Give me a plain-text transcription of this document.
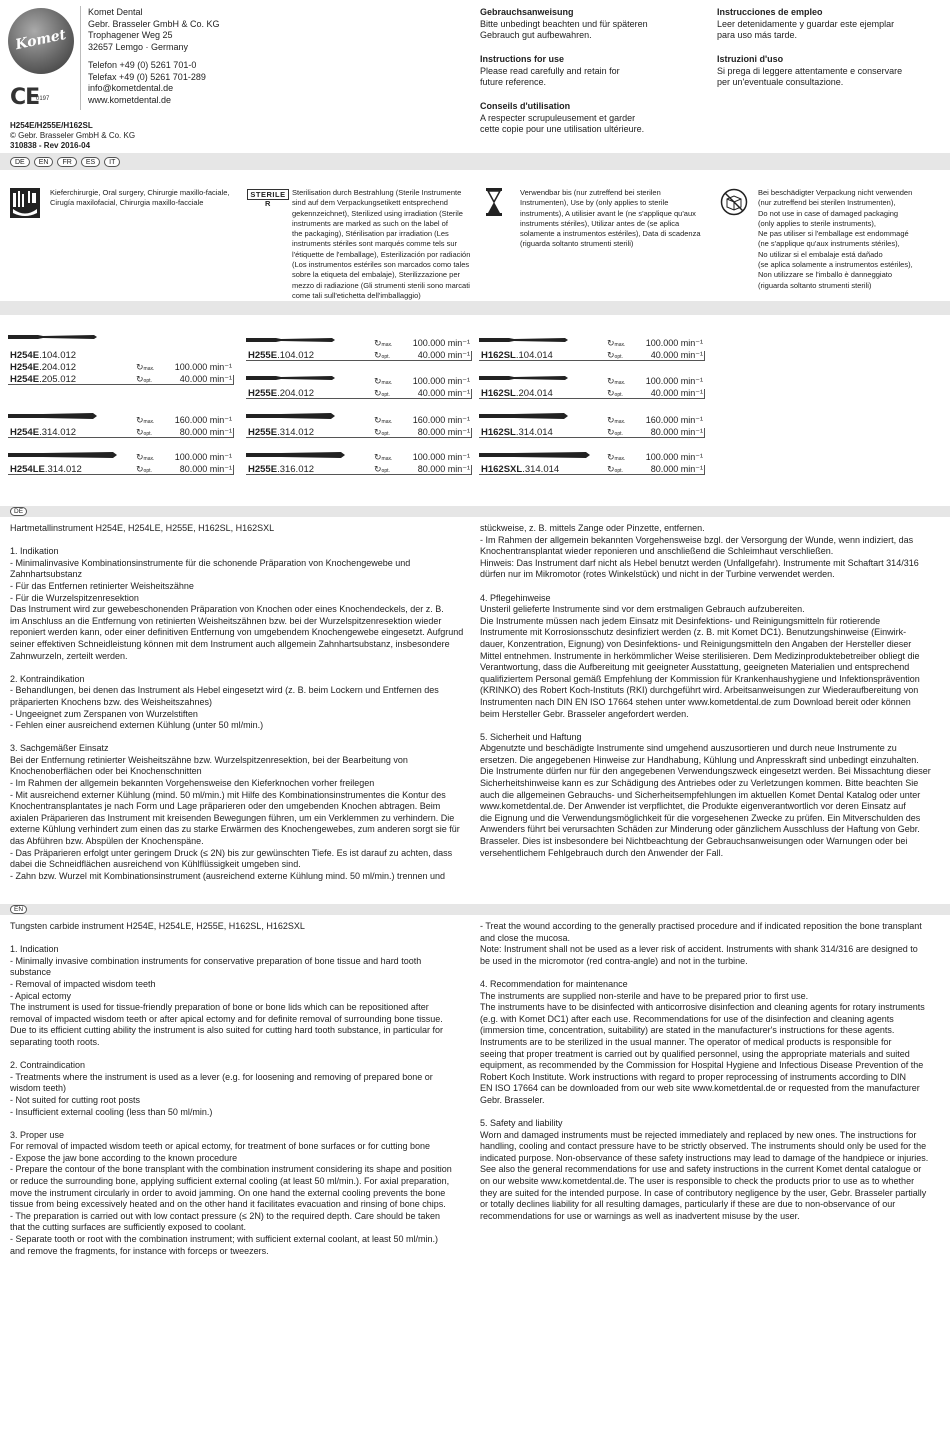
Komet
CE
0197
Komet Dental
Gebr. Brasseler GmbH & Co. KG
Trophagener Weg 25
32657 Lemgo · Germany
Telefon +49 (0) 5261 701-0
Telefax +49 (0) 5261 701-289
info@kometdental.de
www.kometdental.de
H254E/H255E/H162SL
© Gebr. Brasseler GmbH & Co. KG
310838 - Rev 2016-04
Gebrauchsanweisung
Bitte unbedingt beachten und für späteren
Gebrauch gut aufbewahren.
Instructions for use
Please read carefully and retain for
future reference.
Conseils d'utilisation
A respecter scrupuleusement et garder
cette copie pour une utilisation ultérieure.
Instrucciones de empleo
Leer detenidamente y guardar este ejemplar
para uso más tarde.
Istruzioni d'uso
Si prega di leggere attentamente e conservare
per un'eventuale consultazione.
DE	EN	FR	ES	IT
Kieferchirurgie, Oral surgery, Chirurgie maxillo-faciale,
Cirugía maxilofacial, Chirurgia maxillo-facciale
STERILE R
Sterilisation durch Bestrahlung (Sterile Instrumente
sind auf dem Verpackungsetikett entsprechend
gekennzeichnet), Sterilized using irradiation (Sterile
instruments are marked as such on the label of
the packaging), Stérilisation par irradiation (Les
instruments stériles sont marqués comme tels sur
l'étiquette de l'emballage), Esterilización por radiación
(Los instrumentos estériles son marcados como tales
sobre la etiqueta del embalaje), Sterilizzazione per
mezzo di radiazione (Gli strumenti sterili sono marcati
come tali sull'etichetta dell'imballaggio)
Verwendbar bis (nur zutreffend bei sterilen
Instrumenten), Use by (only applies to sterile
instruments), A utilisier avant le (ne s'applique qu'aux
instruments stériles), Utilizar antes de (se aplica
solamente a instrumentos estériles), Data di scadenza
(riguarda soltanto strumenti sterili)
Bei beschädigter Verpackung nicht verwenden
(nur zutreffend bei sterilen Instrumenten),
Do not use in case of damaged packaging
(only applies to sterile instruments),
Ne pas utiliser si l'emballage est endommagé
(ne s'applique qu'aux instruments stériles),
No utilizar si el embalaje está dañado
(se aplica solamente a instrumentos estériles),
Non utilizzare se l'imballo è danneggiato
(riguarda soltanto strumenti sterili)
H254E.104.012
H254E.204.012
H254E.205.012
↻max. 100.000 min⁻¹
↻opt.	40.000 min⁻¹
H254E.314.012
↻max. 160.000 min⁻¹
↻opt.	80.000 min⁻¹
H254LE.314.012
↻max. 100.000 min⁻¹
↻opt.	80.000 min⁻¹
H255E.104.012
↻max. 100.000 min⁻¹
↻opt.	40.000 min⁻¹
H255E.204.012
↻max. 100.000 min⁻¹
↻opt.	40.000 min⁻¹
H255E.314.012
↻max. 160.000 min⁻¹
↻opt.	80.000 min⁻¹
H255E.316.012
↻max. 100.000 min⁻¹
↻opt.	80.000 min⁻¹
H162SL.104.014
↻max. 100.000 min⁻¹
↻opt.	40.000 min⁻¹
H162SL.204.014
↻max. 100.000 min⁻¹
↻opt.	40.000 min⁻¹
H162SL.314.014
↻max. 160.000 min⁻¹
↻opt.	80.000 min⁻¹
H162SXL.314.014
↻max. 100.000 min⁻¹
↻opt.	80.000 min⁻¹
DE
Hartmetallinstrument H254E, H254LE, H255E, H162SL, H162SXL

1. Indikation
- Minimalinvasive Kombinationsinstrumente für die schonende Präparation von Knochengewebe und
Zahnhartsubstanz
- Für das Entfernen retinierter Weisheitszähne
- Für die Wurzelspitzenresektion
Das Instrument wird zur gewebeschonenden Präparation von Knochen oder eines Knochendeckels, der z. B.
im Anschluss an die Entfernung von retinierten Weisheitszähnen bzw. bei der Wurzelspitzenresektion wieder
reponiert werden kann, oder einer definitiven Entfernung von umgebendem Knochengewebe eingesetzt. Aufgrund
seiner effektiven Schneidleistung können mit dem Instrument auch allgemein Zahnhartsubstanz, insbesondere
Zahnwurzeln, zerteilt werden.

2. Kontraindikation
- Behandlungen, bei denen das Instrument als Hebel eingesetzt wird (z. B. beim Lockern und Entfernen des
präparierten Knochens bzw. des Weisheitszahnes)
- Ungeeignet zum Zerspanen von Wurzelstiften
- Fehlen einer ausreichend externen Kühlung (unter 50 ml/min.)

3. Sachgemäßer Einsatz
Bei der Entfernung retinierter Weisheitszähne bzw. Wurzelspitzenresektion, bei der Bearbeitung von
Knochenoberflächen oder bei Knochenschnitten
- Im Rahmen der allgemein bekannten Vorgehensweise den Kieferknochen vorher freilegen
- Mit ausreichend externer Kühlung (mind. 50 ml/min.) mit Hilfe des Kombinationsinstrumentes die Kontur des
Knochentransplantates je nach Form und Lage präparieren oder den umgebenden Knochen abtragen. Beim
axialen Präparieren das Instrument mit kreisenden Bewegungen führen, um ein Verklemmen zu verhindern. Die
externe Kühlung verhindert zum einen das zu starke Erwärmen des Knochengewebes, zum anderen sorgt sie für
das Abführen bzw. Abspülen der Knochenspäne.
- Das Präparieren erfolgt unter geringem Druck (≤ 2N) bis zur gewünschten Tiefe. Es ist darauf zu achten, dass
dabei die Schneidflächen ausreichend von Kühlflüssigkeit umgeben sind.
- Zahn bzw. Wurzel mit Kombinationsinstrument (ausreichend externe Kühlung mind. 50 ml/min.) trennen und
stückweise, z. B. mittels Zange oder Pinzette, entfernen.
- Im Rahmen der allgemein bekannten Vorgehensweise bzgl. der Versorgung der Wunde, wenn indiziert, das
Knochentransplantat wieder reponieren und anschließend die Schleimhaut verschließen.
Hinweis: Das Instrument darf nicht als Hebel benutzt werden (Unfallgefahr). Instrumente mit Schaftart 314/316
dürfen nur im Mikromotor (rotes Winkelstück) und nicht in der Turbine verwendet werden.

4. Pflegehinweise
Unsteril gelieferte Instrumente sind vor dem erstmaligen Gebrauch aufzubereiten.
Die Instrumente müssen nach jedem Einsatz mit Desinfektions- und Reinigungsmitteln für rotierende
Instrumente mit Korrosionsschutz desinfiziert werden (z. B. mit Komet DC1). Benutzungshinweise (Einwirk-
dauer, Konzentration, Eignung) von Desinfektions- und Reinigungsmitteln den Angaben der Hersteller dieser
Mittel entnehmen. Instrumente in herkömmlicher Weise sterilisieren. Dem Medizinproduktebetreiber obliegt die
Verantwortung, dass die Aufbereitung mit geeigneter Ausstattung, geeigneten Materialien und entsprechend
qualifiziertem Personal gemäß Empfehlung der Kommission für Krankenhaushygiene und Infektionsprävention
(KRINKO) des Robert Koch-Instituts (RKI) durchgeführt wird. Arbeitsanweisungen zur Wiederaufbereitung von
Instrumenten nach DIN EN ISO 17664 stehen unter www.kometdental.de zum Download bereit oder können
beim Hersteller Gebr. Brasseler angefordert werden.

5. Sicherheit und Haftung
Abgenutzte und beschädigte Instrumente sind umgehend auszusortieren und durch neue Instrumente zu
ersetzen. Die angegebenen Hinweise zur Handhabung, Kühlung und Anpresskraft sind unbedingt einzuhalten.
Die Instrumente dürfen nur für den angegebenen Verwendungszweck eingesetzt werden. Bei Missachtung dieser
Sicherheitshinweise kann es zur Schädigung des Antriebes oder zu Verletzungen kommen. Bitte beachten Sie
auch die allgemeinen Gebrauchs- und Sicherheitsempfehlungen im aktuellen Komet Dental Katalog oder unter
www.kometdental.de. Der Anwender ist verpflichtet, die Produkte eigenverantwortlich vor deren Einsatz auf
die Eignung und die Verwendungsmöglichkeit für die vorgesehenen Zwecke zu prüfen. Ein Mitverschulden des
Anwenders führt bei verursachten Schäden zur Minderung oder gänzlichem Ausschluss der Haftung von Gebr.
Brasseler. Dies ist insbesondere bei Nichtbeachtung der Gebrauchsanweisungen oder Warnungen oder bei
versehentlichem Fehlgebrauch durch den Anwender der Fall.
EN
Tungsten carbide instrument H254E, H254LE, H255E, H162SL, H162SXL

1. Indication
- Minimally invasive combination instruments for conservative preparation of bone tissue and hard tooth
substance
- Removal of impacted wisdom teeth
- Apical ectomy
The instrument is used for tissue-friendly preparation of bone or bone lids which can be repositioned after
removal of impacted wisdom teeth or after apical ectomy and for definite removal of surrounding bone tissue.
Due to its efficient cutting ability the instrument is also suited for cutting hard tooth substance, in particular for
separating tooth roots.

2. Contraindication
- Treatments where the instrument is used as a lever (e.g. for loosening and removing of prepared bone or
wisdom teeth)
- Not suited for cutting root posts
- Insufficient external cooling (less than 50 ml/min.)

3. Proper use
For removal of impacted wisdom teeth or apical ectomy, for treatment of bone surfaces or for cutting bone
- Expose the jaw bone according to the known procedure
- Prepare the contour of the bone transplant with the combination instrument considering its shape and position
or reduce the surrounding bone, applying sufficient external cooling (at least 50 ml/min.). For axial preparation,
move the instrument circularly in order to avoid jamming. On one hand the external cooling prevents the bone
tissue from being excessively heated and on the other hand it facilitates evacuation and rinsing of bone chips.
- The preparation is carried out with low contact pressure (≤ 2N) to the required depth. Care should be taken
that the cutting surfaces are sufficiently exposed to coolant.
- Separate tooth or root with the combination instrument; with sufficient external coolant, at least 50 ml/min.)
and remove the fragments, for instance with forceps or tweezers.
- Treat the wound according to the generally practised procedure and if indicated reposition the bone transplant
and close the mucosa.
Note: Instrument shall not be used as a lever risk of accident. Instruments with shank 314/316 are designed to
be used in the micromotor (red contra-angle) and not in the turbine.

4. Recommendation for maintenance
The instruments are supplied non-sterile and have to be prepared prior to first use.
The instruments have to be disinfected with anticorrosive disinfection and cleaning agents for rotary instruments
(e.g. with Komet DC1) after each use. Recommendations for use of the disinfection and cleaning agents
(immersion time, concentration, suitability) are stated in the manufacturer's instructions for these agents.
Instruments are to be sterilized in the usual manner. The operator of medical products is responsible for
seeing that proper treatment is carried out by qualified personnel, using the appropriate materials and suited
equipment, as recommended by the Commission for Hospital Hygiene and Infectious Disease Prevention of the
Robert Koch Institute. Work instructions with regard to proper reprocessing of instruments according to DIN
EN ISO 17664 can be downloaded from our web site www.kometdental.de or requested from the manufacturer
Gebr. Brasseler.

5. Safety and liability
Worn and damaged instruments must be rejected immediately and replaced by new ones. The instructions for
handling, cooling and contact pressure have to be strictly observed. The instruments should only be used for the
indicated purpose. Non-observance of these safety instructions may lead to damage of the handpiece or injuries.
See also the general recommendations for use and safety instructions in the current Komet dental catalogue or
on our website www.kometdental.de. The user is responsible to check the products prior to use as to whether
they are suited for the intended purpose. In case of contributory negligence by the user, Gebr. Brasseler partially
or totally declines liability for all resulting damages, particularly if these are due to non-observance of our
recommendations for use or warnings as well as inadvertent misuse by the user.
